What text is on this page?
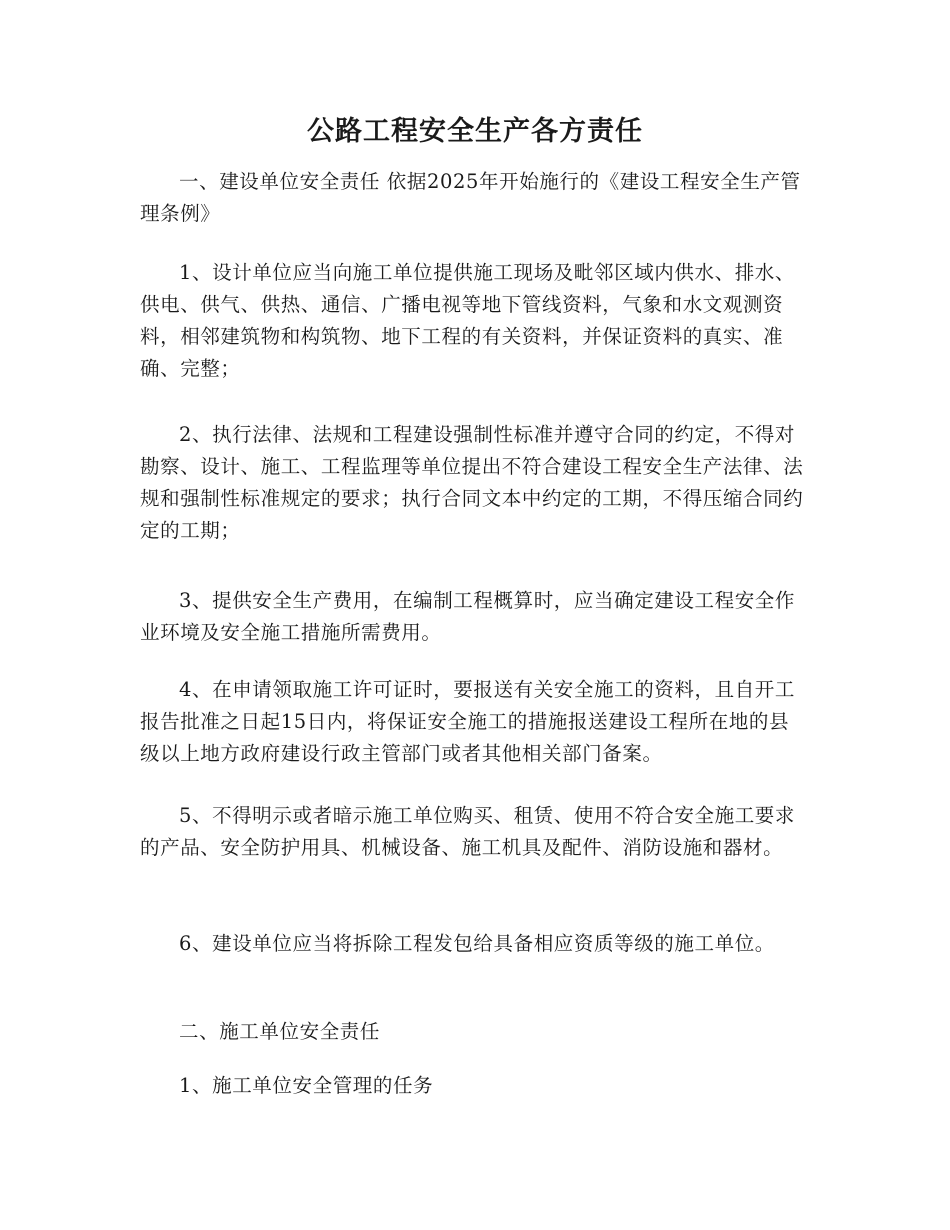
公路工程安全生产各方责任

一、建设单位安全责任 依据2025年开始施行的《建设工程安全生产管理条例》

1、设计单位应当向施工单位提供施工现场及毗邻区域内供水、排水、供电、供气、供热、通信、广播电视等地下管线资料，气象和水文观测资料，相邻建筑物和构筑物、地下工程的有关资料，并保证资料的真实、准确、完整；

2、执行法律、法规和工程建设强制性标准并遵守合同的约定，不得对勘察、设计、施工、工程监理等单位提出不符合建设工程安全生产法律、法规和强制性标准规定的要求；执行合同文本中约定的工期，不得压缩合同约定的工期；

3、提供安全生产费用，在编制工程概算时，应当确定建设工程安全作业环境及安全施工措施所需费用。

4、在申请领取施工许可证时，要报送有关安全施工的资料，且自开工报告批准之日起15日内，将保证安全施工的措施报送建设工程所在地的县级以上地方政府建设行政主管部门或者其他相关部门备案。

5、不得明示或者暗示施工单位购买、租赁、使用不符合安全施工要求的产品、安全防护用具、机械设备、施工机具及配件、消防设施和器材。

6、建设单位应当将拆除工程发包给具备相应资质等级的施工单位。

二、施工单位安全责任

1、施工单位安全管理的任务
